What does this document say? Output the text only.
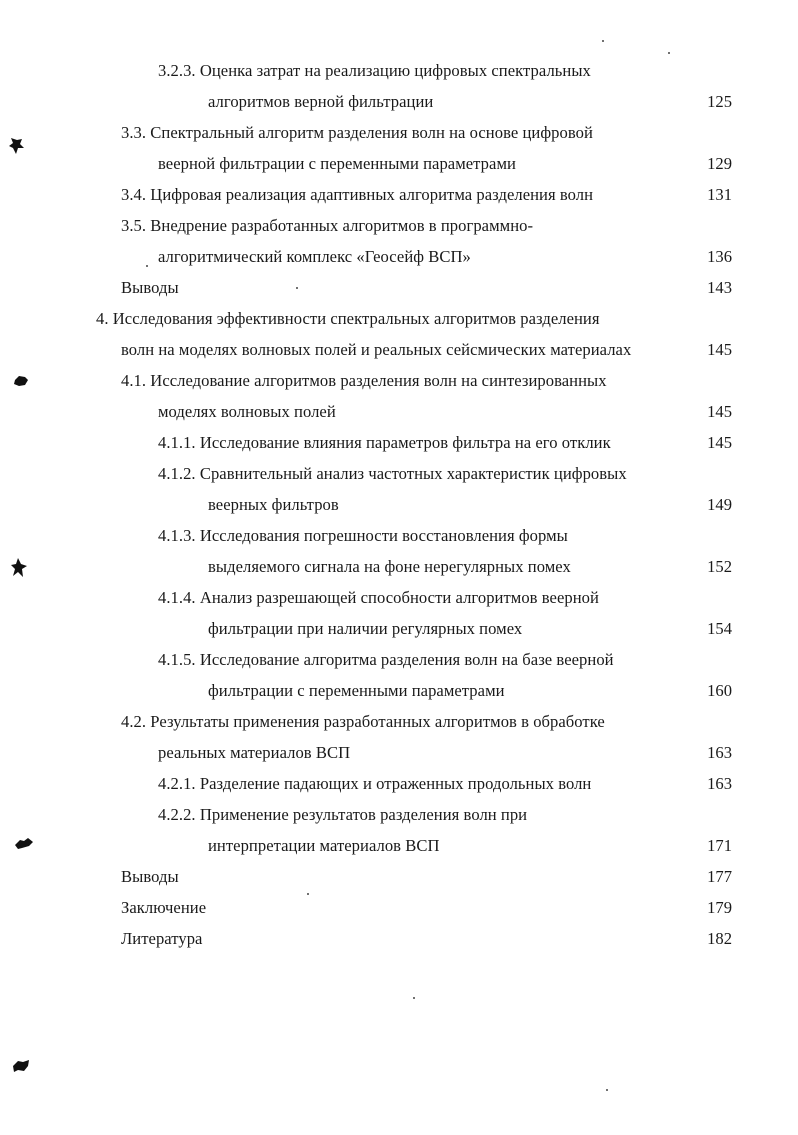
3.2.3. Оценка затрат на реализацию цифровых спектральных
алгоритмов верной фильтрации	125
3.3. Спектральный алгоритм разделения волн на основе цифровой
веерной фильтрации с переменными параметрами	129
3.4. Цифровая реализация адаптивных алгоритма разделения волн	131
3.5. Внедрение разработанных алгоритмов в программно-
алгоритмический комплекс «Геосейф ВСП»	136
Выводы	143
4. Исследования эффективности спектральных алгоритмов разделения
волн на моделях волновых полей и реальных сейсмических материалах	145
4.1. Исследование алгоритмов разделения волн на синтезированных
моделях волновых полей	145
4.1.1. Исследование влияния параметров фильтра на его отклик	145
4.1.2. Сравнительный анализ частотных характеристик цифровых
веерных фильтров	149
4.1.3. Исследования погрешности восстановления формы
выделяемого сигнала на фоне нерегулярных помех	152
4.1.4. Анализ разрешающей способности алгоритмов веерной
фильтрации при наличии регулярных помех	154
4.1.5. Исследование алгоритма разделения волн на базе веерной
фильтрации с переменными параметрами	160
4.2. Результаты применения разработанных алгоритмов в обработке
реальных материалов ВСП	163
4.2.1. Разделение падающих и отраженных продольных волн	163
4.2.2. Применение результатов разделения волн при
интерпретации материалов ВСП	171
Выводы	177
Заключение	179
Литература	182
